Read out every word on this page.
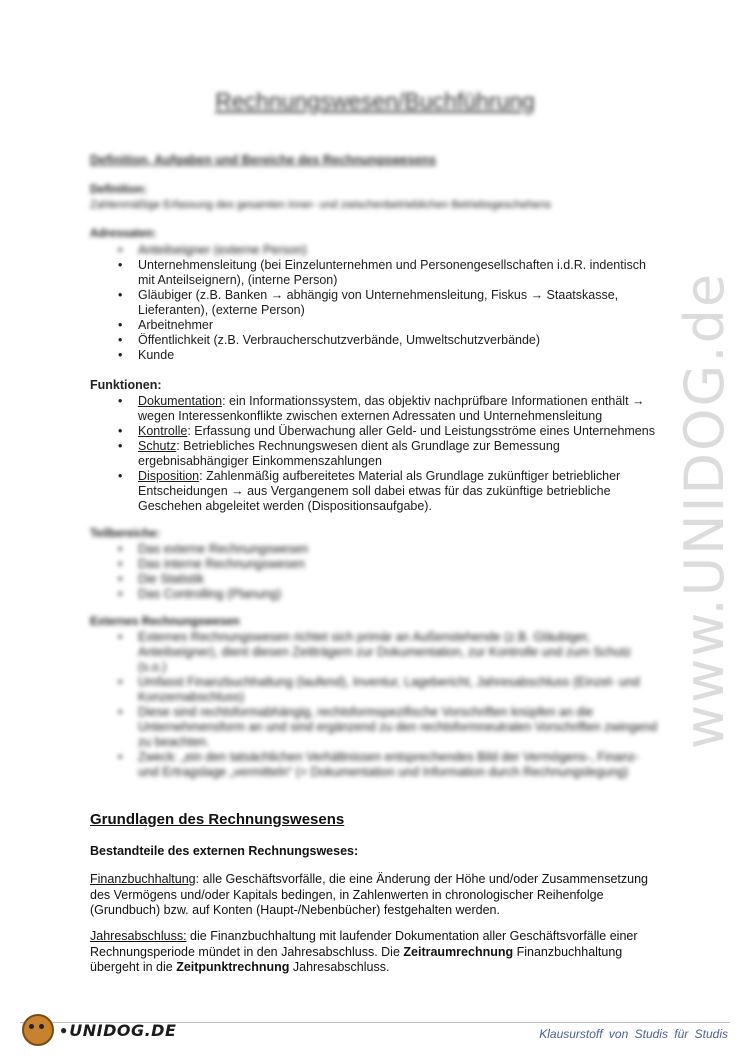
Rechnungswesen/Buchführung
Definition, Aufgaben und Bereiche des Rechnungswesens
Definition:
Zahlenmäßige Erfassung des gesamten inner- und zwischenbetrieblichen Betriebsgeschehens
Adressaten:
• Anteilseigner (externe Person)
• Unternehmensleitung (bei Einzelunternehmen und Personengesellschaften i.d.R. indentisch mit Anteilseignern), (interne Person)
• Gläubiger (z.B. Banken → abhängig von Unternehmensleitung, Fiskus → Staatskasse, Lieferanten), (externe Person)
• Arbeitnehmer
• Öffentlichkeit (z.B. Verbraucherschutzverbände, Umweltschutzverbände)
• Kunde
Funktionen:
• Dokumentation: ein Informationssystem, das objektiv nachprüfbare Informationen enthält → wegen Interessenkonflikte zwischen externen Adressaten und Unternehmensleitung
• Kontrolle: Erfassung und Überwachung aller Geld- und Leistungsströme eines Unternehmens
• Schutz: Betriebliches Rechnungswesen dient als Grundlage zur Bemessung ergebnisabhängiger Einkommenszahlungen
• Disposition: Zahlenmäßig aufbereitetes Material als Grundlage zukünftiger betrieblicher Entscheidungen → aus Vergangenem soll dabei etwas für das zukünftige betriebliche Geschehen abgeleitet werden (Dispositionsaufgabe).
Teilbereiche:
• Das externe Rechnungswesen
• Das interne Rechnungswesen
• Die Statistik
• Das Controlling (Planung)
Externes Rechnungswesen
• Externes Rechnungswesen richtet sich primär an Außenstehende (z.B. Gläubiger, Anteilseigner), dient diesen Zeitträgern zur Dokumentation, zur Kontrolle und zum Schutz (s.o.)
• Umfasst Finanzbuchhaltung (laufend), Inventur, Lagebericht, Jahresabschluss (Einzel- und Konzernabschluss)
• Diese sind rechtsformabhängig, rechtsformspezifische Vorschriften knüpfen an die Unternehmensform an und sind ergänzend zu den rechtsformneutralen Vorschriften zwingend zu beachten.
• Zweck: „ein den tatsächlichen Verhältnissen entsprechendes Bild der Vermögens-, Finanz- und Ertragslage „vermitteln“ (= Dokumentation und Information durch Rechnungslegung)
Grundlagen des Rechnungswesens
Bestandteile des externen Rechnungsweses:
Finanzbuchhaltung: alle Geschäftsvorfälle, die eine Änderung der Höhe und/oder Zusammensetzung des Vermögens und/oder Kapitals bedingen, in Zahlenwerten in chronologischer Reihenfolge (Grundbuch) bzw. auf Konten (Haupt-/Nebenbücher) festgehalten werden.
Jahresabschluss: die Finanzbuchhaltung mit laufender Dokumentation aller Geschäftsvorfälle einer Rechnungsperiode mündet in den Jahresabschluss. Die Zeitraumrechnung Finanzbuchhaltung übergeht in die Zeitpunktrechnung Jahresabschluss.
www.UNIDOG.de
● UNIDOG.DE	Klausurstoff von Studis für Studis
